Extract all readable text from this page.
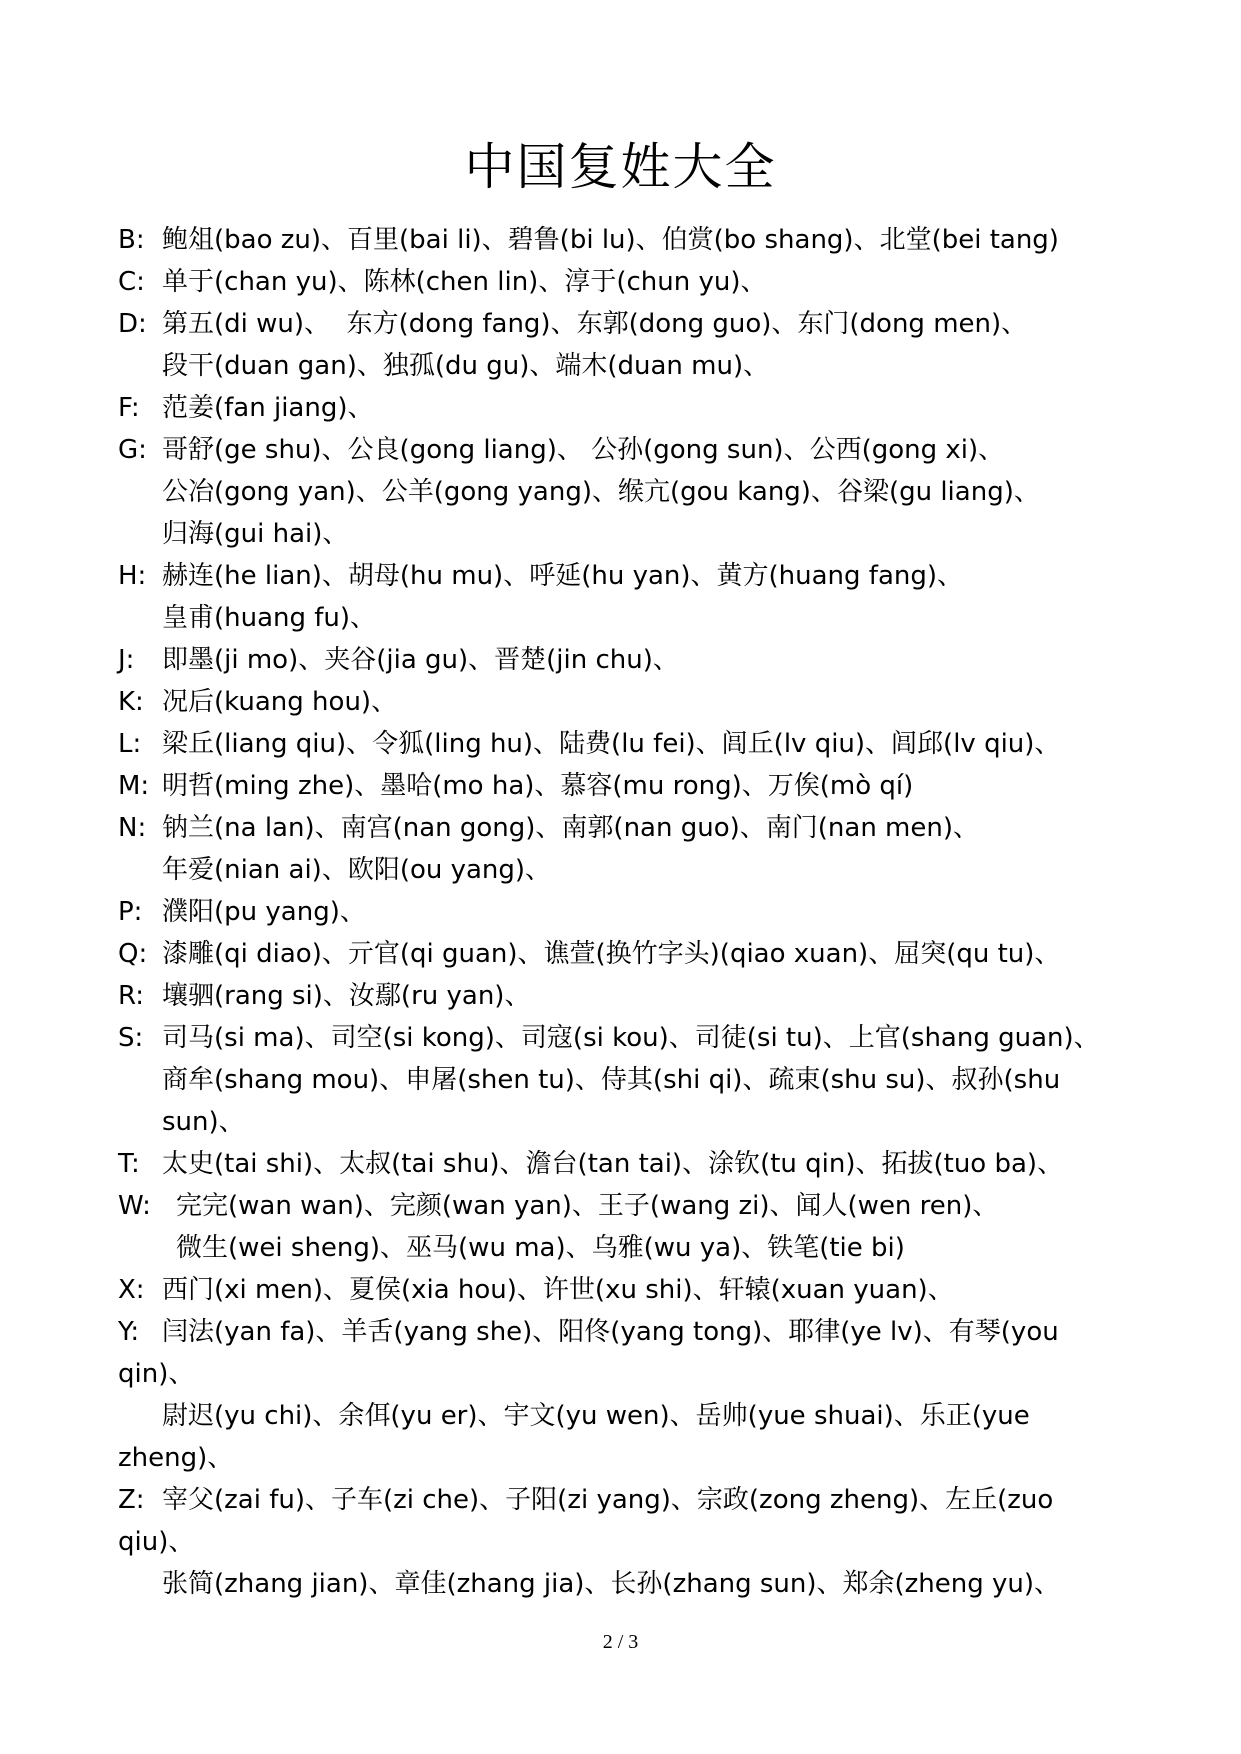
中国复姓大全
B: 鲍俎(bao zu)、百里(bai li)、碧鲁(bi lu)、伯赏(bo shang)、北堂(bei tang)
C: 单于(chan yu)、陈林(chen lin)、淳于(chun yu)、
D: 第五(di wu)、  东方(dong fang)、东郭(dong guo)、东门(dong men)、
段干(duan gan)、独孤(du gu)、端木(duan mu)、
F: 范姜(fan jiang)、
G: 哥舒(ge shu)、公良(gong liang)、 公孙(gong sun)、公西(gong xi)、
公冶(gong yan)、公羊(gong yang)、缑亢(gou kang)、谷梁(gu liang)、
归海(gui hai)、
H: 赫连(he lian)、胡母(hu mu)、呼延(hu yan)、黄方(huang fang)、
皇甫(huang fu)、
J: 即墨(ji mo)、夹谷(jia gu)、晋楚(jin chu)、
K: 况后(kuang hou)、
L: 梁丘(liang qiu)、令狐(ling hu)、陆费(lu fei)、闾丘(lv qiu)、闾邱(lv qiu)、
M: 明哲(ming zhe)、墨哈(mo ha)、慕容(mu rong)、万俟(mò qí)
N: 钠兰(na lan)、南宫(nan gong)、南郭(nan guo)、南门(nan men)、
年爱(nian ai)、欧阳(ou yang)、
P: 濮阳(pu yang)、
Q: 漆雕(qi diao)、亓官(qi guan)、谯萱(换竹字头)(qiao xuan)、屈突(qu tu)、
R: 壤驷(rang si)、汝鄢(ru yan)、
S: 司马(si ma)、司空(si kong)、司寇(si kou)、司徒(si tu)、上官(shang guan)、
商牟(shang mou)、申屠(shen tu)、侍其(shi qi)、疏束(shu su)、叔孙(shu
sun)、
T: 太史(tai shi)、太叔(tai shu)、澹台(tan tai)、涂钦(tu qin)、拓拔(tuo ba)、
W: 完完(wan wan)、完颜(wan yan)、王子(wang zi)、闻人(wen ren)、
微生(wei sheng)、巫马(wu ma)、乌雅(wu ya)、铁笔(tie bi)
X: 西门(xi men)、夏侯(xia hou)、许世(xu shi)、轩辕(xuan yuan)、
Y: 闫法(yan fa)、羊舌(yang she)、阳佟(yang tong)、耶律(ye lv)、有琴(you
qin)、
尉迟(yu chi)、余佴(yu er)、宇文(yu wen)、岳帅(yue shuai)、乐正(yue
zheng)、
Z: 宰父(zai fu)、子车(zi che)、子阳(zi yang)、宗政(zong zheng)、左丘(zuo
qiu)、
张简(zhang jian)、章佳(zhang jia)、长孙(zhang sun)、郑余(zheng yu)、
2 / 3
